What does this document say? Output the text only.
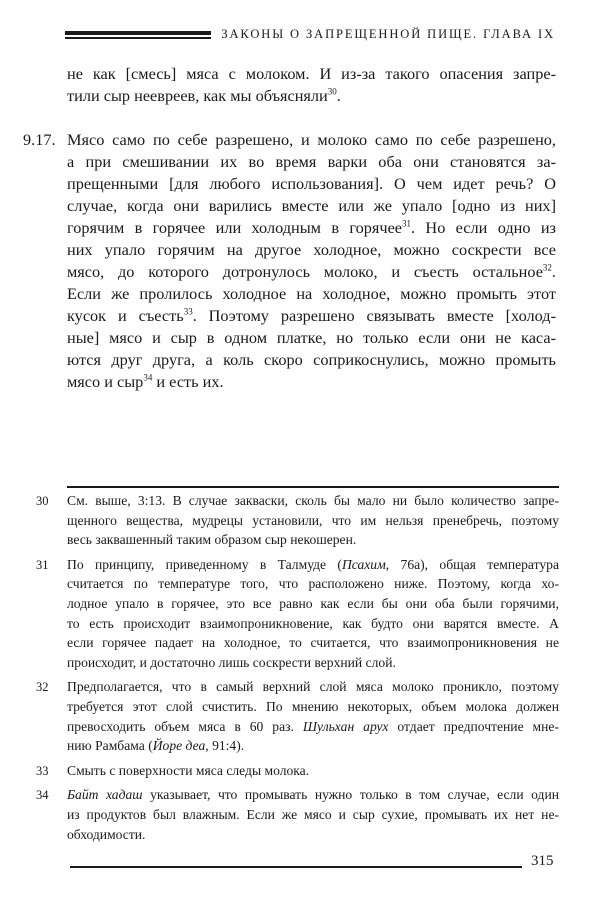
ЗАКОНЫ О ЗАПРЕЩЕННОЙ ПИЩЕ. ГЛАВА IX
не как [смесь] мяса с молоком. И из-за такого опасения запре-
тили сыр неевреев, как мы объясняли$^{30}$.
9.17. Мясо само по себе разрешено, и молоко само по себе разрешено,
а при смешивании их во время варки оба они становятся за-
прещенными [для любого использования]. О чем идет речь? О
случае, когда они варились вместе или же упало [одно из них]
горячим в горячее или холодным в горячее$^{31}$. Но если одно из
них упало горячим на другое холодное, можно соскрести все
мясо, до которого дотронулось молоко, и съесть остальное$^{32}$.
Если же пролилось холодное на холодное, можно промыть этот
кусок и съесть$^{33}$. Поэтому разрешено связывать вместе [холод-
ные] мясо и сыр в одном платке, но только если они не каса-
ются друг друга, а коль скоро соприкоснулись, можно промыть
мясо и сыр$^{34}$ и есть их.
30 См. выше, 3:13. В случае закваски, сколь бы мало ни было количество запре-
щенного вещества, мудрецы установили, что им нельзя пренебречь, поэтому
весь заквашенный таким образом сыр некошерен.
31 По принципу, приведенному в Талмуде (Псахим, 76а), общая температура
считается по температуре того, что расположено ниже. Поэтому, когда хо-
лодное упало в горячее, это все равно как если бы они оба были горячими,
то есть происходит взаимопроникновение, как будто они варятся вместе. А
если горячее падает на холодное, то считается, что взаимопроникновения не
происходит, и достаточно лишь соскрести верхний слой.
32 Предполагается, что в самый верхний слой мяса молоко проникло, поэтому
требуется этот слой счистить. По мнению некоторых, объем молока должен
превосходить объем мяса в 60 раз. Шульхан арух отдает предпочтение мне-
нию Рамбама (Йоре деа, 91:4).
33 Смыть с поверхности мяса следы молока.
34 Байт хадаш указывает, что промывать нужно только в том случае, если один
из продуктов был влажным. Если же мясо и сыр сухие, промывать их нет не-
обходимости.
315
